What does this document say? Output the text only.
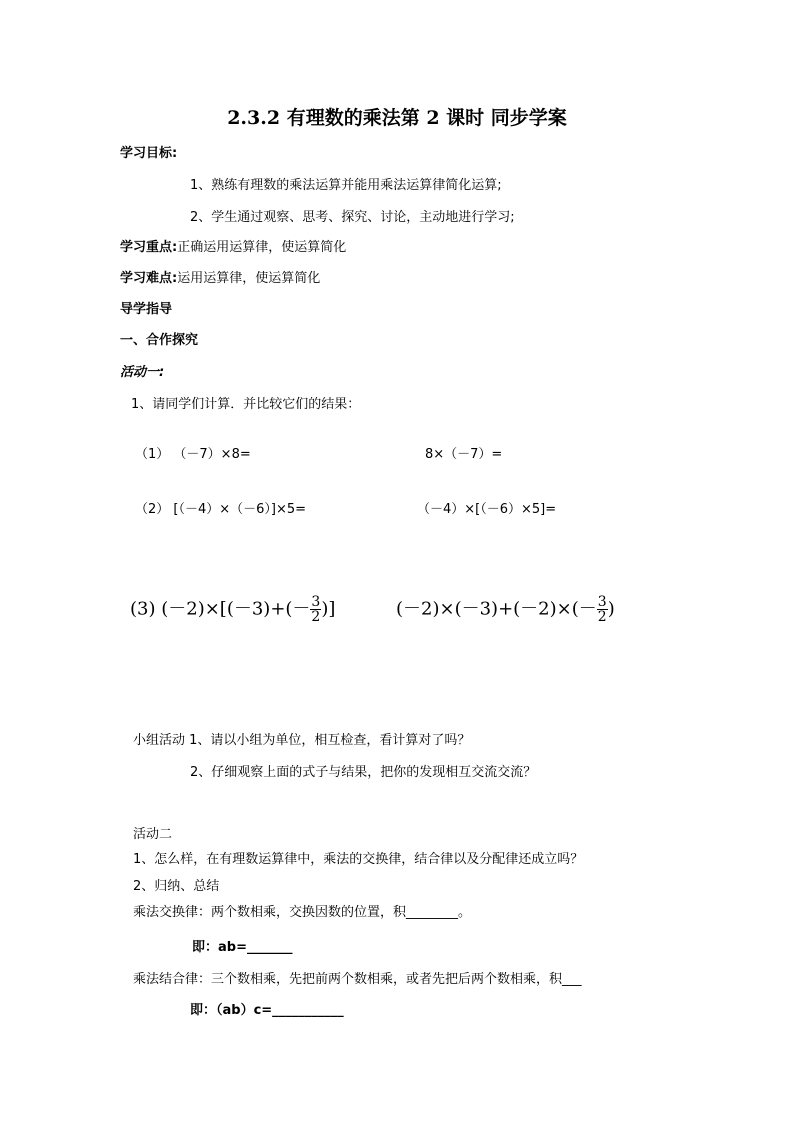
2.3.2 有理数的乘法第 2 课时 同步学案
学习目标:
1、熟练有理数的乘法运算并能用乘法运算律简化运算;
2、学生通过观察、思考、探究、讨论，主动地进行学习;
学习重点:正确运用运算律，使运算简化
学习难点:运用运算律，使运算简化
导学指导
一、合作探究
活动一:
1、请同学们计算．并比较它们的结果：
（1） （－7）×8=	8×（－7）=
（2） [（－4）×（－6）]×5=	（－4）×[（－6）×5]=
(3) $(-2)\times[(-3)+(- \frac{3}{2}$ )]	$(-2)\times(-3)+(-2)\times(- \frac{3}{2}$ )
小组活动 1、请以小组为单位，相互检查，看计算对了吗？
2、仔细观察上面的式子与结果，把你的发现相互交流交流？
活动二
1、怎么样，在有理数运算律中，乘法的交换律，结合律以及分配律还成立吗？
2、归纳、总结
乘法交换律：两个数相乘，交换因数的位置，积________。
即：ab=_______
乘法结合律：三个数相乘，先把前两个数相乘，或者先把后两个数相乘，积___
即：（ab）c=___________
